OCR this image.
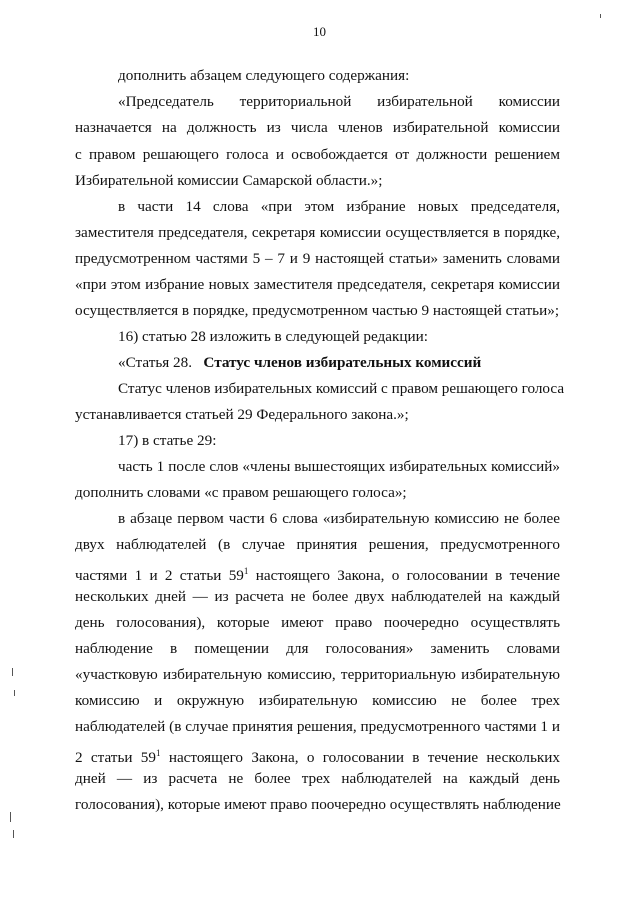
10
дополнить абзацем следующего содержания:
«Председатель территориальной избирательной комиссии
назначается на должность из числа членов избирательной комиссии
с правом решающего голоса и освобождается от должности решением
Избирательной комиссии Самарской области.»;
в части 14 слова «при этом избрание новых председателя,
заместителя председателя, секретаря комиссии осуществляется в порядке,
предусмотренном частями 5 – 7 и 9 настоящей статьи» заменить словами
«при этом избрание новых заместителя председателя, секретаря комиссии
осуществляется в порядке, предусмотренном частью 9 настоящей статьи»;
16) статью 28 изложить в следующей редакции:
«Статья 28. Статус членов избирательных комиссий
Статус членов избирательных комиссий с правом решающего голоса
устанавливается статьей 29 Федерального закона.»;
17) в статье 29:
часть 1 после слов «члены вышестоящих избирательных комиссий»
дополнить словами «с правом решающего голоса»;
в абзаце первом части 6 слова «избирательную комиссию не более
двух наблюдателей (в случае принятия решения, предусмотренного
частями 1 и 2 статьи $59^1$ настоящего Закона, о голосовании в течение
нескольких дней — из расчета не более двух наблюдателей на каждый
день голосования), которые имеют право поочередно осуществлять
наблюдение в помещении для голосования» заменить словами
«участковую избирательную комиссию, территориальную избирательную
комиссию и окружную избирательную комиссию не более трех
наблюдателей (в случае принятия решения, предусмотренного частями 1 и
2 статьи $59^1$ настоящего Закона, о голосовании в течение нескольких
дней — из расчета не более трех наблюдателей на каждый день
голосования), которые имеют право поочередно осуществлять наблюдение
